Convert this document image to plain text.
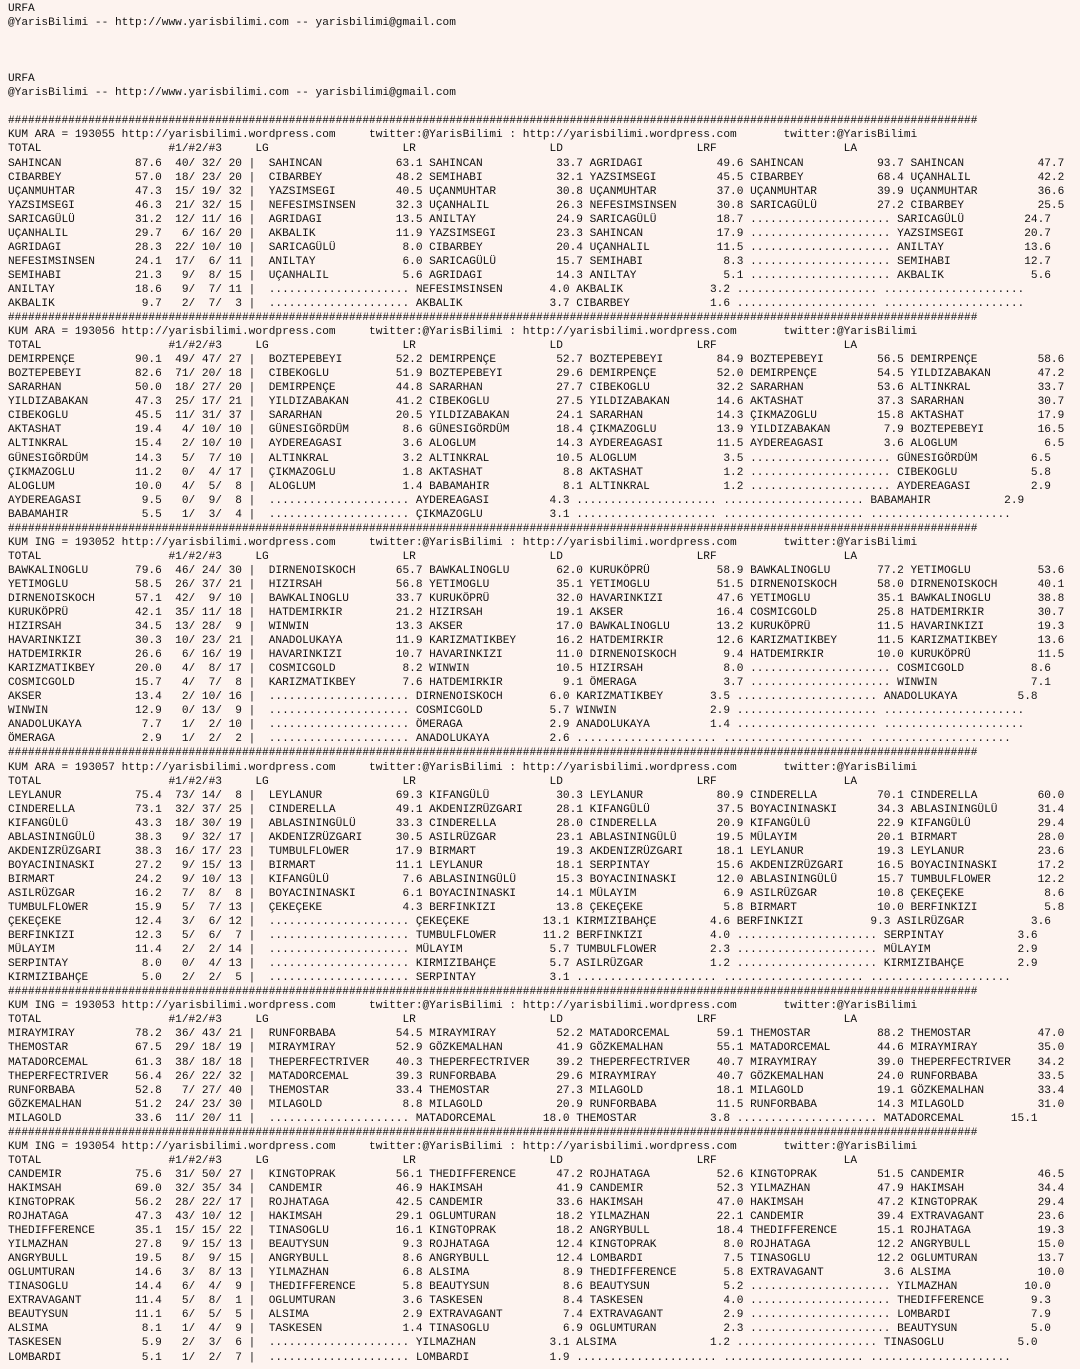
URFA
@YarisBilimi -- http://www.yarisbilimi.com -- yarisbilimi@gmail.com

URFA
@YarisBilimi -- http://www.yarisbilimi.com -- yarisbilimi@gmail.com

#################################################################################################################################################
KUM ARA = 193055 http://yarisbilimi.wordpress.com     twitter:@YarisBilimi : http://yarisbilimi.wordpress.com       twitter:@YarisBilimi
TOTAL                   #1/#2/#3     LG                    LR                    LD                    LRF                   LA
SAHINCAN           87.6  40/ 32/ 20 |  SAHINCAN           63.1 SAHINCAN           33.7 AGRIDAGI           49.6 SAHINCAN           93.7 SAHINCAN           47.7
CIBARBEY           57.0  18/ 23/ 20 |  CIBARBEY           48.2 SEMIHABI           32.1 YAZSIMSEGI         45.5 CIBARBEY           68.4 UÇANHALIL          42.2
UÇANMUHTAR         47.3  15/ 19/ 32 |  YAZSIMSEGI         40.5 UÇANMUHTAR         30.8 UÇANMUHTAR         37.0 UÇANMUHTAR         39.9 UÇANMUHTAR         36.6
YAZSIMSEGI         46.3  21/ 32/ 15 |  NEFESIMSINSEN      32.3 UÇANHALIL          26.3 NEFESIMSINSEN      30.8 SARICAGÜLÜ         27.2 CIBARBEY           25.5
SARICAGÜLÜ         31.2  12/ 11/ 16 |  AGRIDAGI           13.5 ANILTAY            24.9 SARICAGÜLÜ         18.7 ..................... SARICAGÜLÜ         24.7
UÇANHALIL          29.7   6/ 16/ 20 |  AKBALIK            11.9 YAZSIMSEGI         23.3 SAHINCAN           17.9 ..................... YAZSIMSEGI         20.7
AGRIDAGI           28.3  22/ 10/ 10 |  SARICAGÜLÜ          8.0 CIBARBEY           20.4 UÇANHALIL          11.5 ..................... ANILTAY            13.6
NEFESIMSINSEN      24.1  17/  6/ 11 |  ANILTAY             6.0 SARICAGÜLÜ         15.7 SEMIHABI            8.3 ..................... SEMIHABI           12.7
SEMIHABI           21.3   9/  8/ 15 |  UÇANHALIL           5.6 AGRIDAGI           14.3 ANILTAY             5.1 ..................... AKBALIK             5.6
ANILTAY            18.6   9/  7/ 11 |  ..................... NEFESIMSINSEN       4.0 AKBALIK             3.2 ..................... .....................
AKBALIK             9.7   2/  7/  3 |  ..................... AKBALIK             3.7 CIBARBEY            1.6 ..................... .....................
#################################################################################################################################################
KUM ARA = 193056 http://yarisbilimi.wordpress.com     twitter:@YarisBilimi : http://yarisbilimi.wordpress.com       twitter:@YarisBilimi
TOTAL                   #1/#2/#3     LG                    LR                    LD                    LRF                   LA
DEMIRPENÇE         90.1  49/ 47/ 27 |  BOZTEPEBEYI        52.2 DEMIRPENÇE         52.7 BOZTEPEBEYI        84.9 BOZTEPEBEYI        56.5 DEMIRPENÇE         58.6
BOZTEPEBEYI        82.6  71/ 20/ 18 |  CIBEKOGLU          51.9 BOZTEPEBEYI        29.6 DEMIRPENÇE         52.0 DEMIRPENÇE         54.5 YILDIZABAKAN       47.2
SARARHAN           50.0  18/ 27/ 20 |  DEMIRPENÇE         44.8 SARARHAN           27.7 CIBEKOGLU          32.2 SARARHAN           53.6 ALTINKRAL          33.7
YILDIZABAKAN       47.3  25/ 17/ 21 |  YILDIZABAKAN       41.2 CIBEKOGLU          27.5 YILDIZABAKAN       14.6 AKTASHAT           37.3 SARARHAN           30.7
CIBEKOGLU          45.5  11/ 31/ 37 |  SARARHAN           20.5 YILDIZABAKAN       24.1 SARARHAN           14.3 ÇIKMAZOGLU         15.8 AKTASHAT           17.9
AKTASHAT           19.4   4/ 10/ 10 |  GÜNESIGÖRDÜM        8.6 GÜNESIGÖRDÜM       18.4 ÇIKMAZOGLU         13.9 YILDIZABAKAN        7.9 BOZTEPEBEYI        16.5
ALTINKRAL          15.4   2/ 10/ 10 |  AYDEREAGASI         3.6 ALOGLUM            14.3 AYDEREAGASI        11.5 AYDEREAGASI         3.6 ALOGLUM             6.5
GÜNESIGÖRDÜM       14.3   5/  7/ 10 |  ALTINKRAL           3.2 ALTINKRAL          10.5 ALOGLUM             3.5 ..................... GÜNESIGÖRDÜM        6.5
ÇIKMAZOGLU         11.2   0/  4/ 17 |  ÇIKMAZOGLU          1.8 AKTASHAT            8.8 AKTASHAT            1.2 ..................... CIBEKOGLU           5.8
ALOGLUM            10.0   4/  5/  8 |  ALOGLUM             1.4 BABAMAHIR           8.1 ALTINKRAL           1.2 ..................... AYDEREAGASI         2.9
AYDEREAGASI         9.5   0/  9/  8 |  ..................... AYDEREAGASI         4.3 ..................... ..................... BABAMAHIR           2.9
BABAMAHIR           5.5   1/  3/  4 |  ..................... ÇIKMAZOGLU          3.1 ..................... ..................... .....................
#################################################################################################################################################
KUM ING = 193052 http://yarisbilimi.wordpress.com     twitter:@YarisBilimi : http://yarisbilimi.wordpress.com       twitter:@YarisBilimi
TOTAL                   #1/#2/#3     LG                    LR                    LD                    LRF                   LA
BAWKALINOGLU       79.6  46/ 24/ 30 |  DIRNENOISKOCH      65.7 BAWKALINOGLU       62.0 KURUKÖPRÜ          58.9 BAWKALINOGLU       77.2 YETIMOGLU          53.6
YETIMOGLU          58.5  26/ 37/ 21 |  HIZIRSAH           56.8 YETIMOGLU          35.1 YETIMOGLU          51.5 DIRNENOISKOCH      58.0 DIRNENOISKOCH      40.1
DIRNENOISKOCH      57.1  42/  9/ 10 |  BAWKALINOGLU       33.7 KURUKÖPRÜ          32.0 HAVARINKIZI        47.6 YETIMOGLU          35.1 BAWKALINOGLU       38.8
KURUKÖPRÜ          42.1  35/ 11/ 18 |  HATDEMIRKIR        21.2 HIZIRSAH           19.1 AKSER              16.4 COSMICGOLD         25.8 HATDEMIRKIR        30.7
HIZIRSAH           34.5  13/ 28/  9 |  WINWIN             13.3 AKSER              17.0 BAWKALINOGLU       13.2 KURUKÖPRÜ          11.5 HAVARINKIZI        19.3
HAVARINKIZI        30.3  10/ 23/ 21 |  ANADOLUKAYA        11.9 KARIZMATIKBEY      16.2 HATDEMIRKIR        12.6 KARIZMATIKBEY      11.5 KARIZMATIKBEY      13.6
HATDEMIRKIR        26.6   6/ 16/ 19 |  HAVARINKIZI        10.7 HAVARINKIZI        11.0 DIRNENOISKOCH       9.4 HATDEMIRKIR        10.0 KURUKÖPRÜ          11.5
KARIZMATIKBEY      20.0   4/  8/ 17 |  COSMICGOLD          8.2 WINWIN             10.5 HIZIRSAH            8.0 ..................... COSMICGOLD          8.6
COSMICGOLD         15.7   4/  7/  8 |  KARIZMATIKBEY       7.6 HATDEMIRKIR         9.1 ÖMERAGA             3.7 ..................... WINWIN              7.1
AKSER              13.4   2/ 10/ 16 |  ..................... DIRNENOISKOCH       6.0 KARIZMATIKBEY       3.5 ..................... ANADOLUKAYA         5.8
WINWIN             12.9   0/ 13/  9 |  ..................... COSMICGOLD          5.7 WINWIN              2.9 ..................... .....................
ANADOLUKAYA         7.7   1/  2/ 10 |  ..................... ÖMERAGA             2.9 ANADOLUKAYA         1.4 ..................... .....................
ÖMERAGA             2.9   1/  2/  2 |  ..................... ANADOLUKAYA         2.6 ..................... ..................... .....................
#################################################################################################################################################
KUM ARA = 193057 http://yarisbilimi.wordpress.com     twitter:@YarisBilimi : http://yarisbilimi.wordpress.com       twitter:@YarisBilimi
TOTAL                   #1/#2/#3     LG                    LR                    LD                    LRF                   LA
LEYLANUR           75.4  73/ 14/  8 |  LEYLANUR           69.3 KIFANGÜLÜ          30.3 LEYLANUR           80.9 CINDERELLA         70.1 CINDERELLA         60.0
CINDERELLA         73.1  32/ 37/ 25 |  CINDERELLA         49.1 AKDENIZRÜZGARI     28.1 KIFANGÜLÜ          37.5 BOYACININASKI      34.3 ABLASININGÜLÜ      31.4
KIFANGÜLÜ          43.3  18/ 30/ 19 |  ABLASININGÜLÜ      33.3 CINDERELLA         28.0 CINDERELLA         20.9 KIFANGÜLÜ          22.9 KIFANGÜLÜ          29.4
ABLASININGÜLÜ      38.3   9/ 32/ 17 |  AKDENIZRÜZGARI     30.5 ASILRÜZGAR         23.1 ABLASININGÜLÜ      19.5 MÜLAYIM            20.1 BIRMART            28.0
AKDENIZRÜZGARI     38.3  16/ 17/ 23 |  TUMBULFLOWER       17.9 BIRMART            19.3 AKDENIZRÜZGARI     18.1 LEYLANUR           19.3 LEYLANUR           23.6
BOYACININASKI      27.2   9/ 15/ 13 |  BIRMART            11.1 LEYLANUR           18.1 SERPINTAY          15.6 AKDENIZRÜZGARI     16.5 BOYACININASKI      17.2
BIRMART            24.2   9/ 10/ 13 |  KIFANGÜLÜ           7.6 ABLASININGÜLÜ      15.3 BOYACININASKI      12.0 ABLASININGÜLÜ      15.7 TUMBULFLOWER       12.2
ASILRÜZGAR         16.2   7/  8/  8 |  BOYACININASKI       6.1 BOYACININASKI      14.1 MÜLAYIM             6.9 ASILRÜZGAR         10.8 ÇEKEÇEKE            8.6
TUMBULFLOWER       15.9   5/  7/ 13 |  ÇEKEÇEKE            4.3 BERFINKIZI         13.8 ÇEKEÇEKE            5.8 BIRMART            10.0 BERFINKIZI          5.8
ÇEKEÇEKE           12.4   3/  6/ 12 |  ..................... ÇEKEÇEKE           13.1 KIRMIZIBAHÇE        4.6 BERFINKIZI          9.3 ASILRÜZGAR          3.6
BERFINKIZI         12.3   5/  6/  7 |  ..................... TUMBULFLOWER       11.2 BERFINKIZI          4.0 ..................... SERPINTAY           3.6
MÜLAYIM            11.4   2/  2/ 14 |  ..................... MÜLAYIM             5.7 TUMBULFLOWER        2.3 ..................... MÜLAYIM             2.9
SERPINTAY           8.0   0/  4/ 13 |  ..................... KIRMIZIBAHÇE        5.7 ASILRÜZGAR          1.2 ..................... KIRMIZIBAHÇE        2.9
KIRMIZIBAHÇE        5.0   2/  2/  5 |  ..................... SERPINTAY           3.1 ..................... ..................... .....................
#################################################################################################################################################
KUM ING = 193053 http://yarisbilimi.wordpress.com     twitter:@YarisBilimi : http://yarisbilimi.wordpress.com       twitter:@YarisBilimi
TOTAL                   #1/#2/#3     LG                    LR                    LD                    LRF                   LA
MIRAYMIRAY         78.2  36/ 43/ 21 |  RUNFORBABA         54.5 MIRAYMIRAY         52.2 MATADORCEMAL       59.1 THEMOSTAR          88.2 THEMOSTAR          47.0
THEMOSTAR          67.5  29/ 18/ 19 |  MIRAYMIRAY         52.9 GÖZKEMALHAN        41.9 GÖZKEMALHAN        55.1 MATADORCEMAL       44.6 MIRAYMIRAY         35.0
MATADORCEMAL       61.3  38/ 18/ 18 |  THEPERFECTRIVER    40.3 THEPERFECTRIVER    39.2 THEPERFECTRIVER    40.7 MIRAYMIRAY         39.0 THEPERFECTRIVER    34.2
THEPERFECTRIVER    56.4  26/ 22/ 32 |  MATADORCEMAL       39.3 RUNFORBABA         29.6 MIRAYMIRAY         40.7 GÖZKEMALHAN        24.0 RUNFORBABA         33.5
RUNFORBABA         52.8   7/ 27/ 40 |  THEMOSTAR          33.4 THEMOSTAR          27.3 MILAGOLD           18.1 MILAGOLD           19.1 GÖZKEMALHAN        33.4
GÖZKEMALHAN        51.2  24/ 23/ 30 |  MILAGOLD            8.8 MILAGOLD           20.9 RUNFORBABA         11.5 RUNFORBABA         14.3 MILAGOLD           31.0
MILAGOLD           33.6  11/ 20/ 11 |  ..................... MATADORCEMAL       18.0 THEMOSTAR           3.8 ..................... MATADORCEMAL       15.1
#################################################################################################################################################
KUM ING = 193054 http://yarisbilimi.wordpress.com     twitter:@YarisBilimi : http://yarisbilimi.wordpress.com       twitter:@YarisBilimi
TOTAL                   #1/#2/#3     LG                    LR                    LD                    LRF                   LA
CANDEMIR           75.6  31/ 50/ 27 |  KINGTOPRAK         56.1 THEDIFFERENCE      47.2 ROJHATAGA          52.6 KINGTOPRAK         51.5 CANDEMIR           46.5
HAKIMSAH           69.0  32/ 35/ 34 |  CANDEMIR           46.9 HAKIMSAH           41.9 CANDEMIR           52.3 YILMAZHAN          47.9 HAKIMSAH           34.4
KINGTOPRAK         56.2  28/ 22/ 17 |  ROJHATAGA          42.5 CANDEMIR           33.6 HAKIMSAH           47.0 HAKIMSAH           47.2 KINGTOPRAK         29.4
ROJHATAGA          47.3  43/ 10/ 12 |  HAKIMSAH           29.1 OGLUMTURAN         18.2 YILMAZHAN          22.1 CANDEMIR           39.4 EXTRAVAGANT        23.6
THEDIFFERENCE      35.1  15/ 15/ 22 |  TINASOGLU          16.1 KINGTOPRAK         18.2 ANGRYBULL          18.4 THEDIFFERENCE      15.1 ROJHATAGA          19.3
YILMAZHAN          27.8   9/ 15/ 13 |  BEAUTYSUN           9.3 ROJHATAGA          12.4 KINGTOPRAK          8.0 ROJHATAGA          12.2 ANGRYBULL          15.0
ANGRYBULL          19.5   8/  9/ 15 |  ANGRYBULL           8.6 ANGRYBULL          12.4 LOMBARDI            7.5 TINASOGLU          12.2 OGLUMTURAN         13.7
OGLUMTURAN         14.6   3/  8/ 13 |  YILMAZHAN           6.8 ALSIMA              8.9 THEDIFFERENCE       5.8 EXTRAVAGANT         3.6 ALSIMA             10.0
TINASOGLU          14.4   6/  4/  9 |  THEDIFFERENCE       5.8 BEAUTYSUN           8.6 BEAUTYSUN           5.2 ..................... YILMAZHAN          10.0
EXTRAVAGANT        11.4   5/  8/  1 |  OGLUMTURAN          3.6 TASKESEN            8.4 TASKESEN            4.0 ..................... THEDIFFERENCE       9.3
BEAUTYSUN          11.1   6/  5/  5 |  ALSIMA              2.9 EXTRAVAGANT         7.4 EXTRAVAGANT         2.9 ..................... LOMBARDI            7.9
ALSIMA              8.1   1/  4/  9 |  TASKESEN            1.4 TINASOGLU           6.9 OGLUMTURAN          2.3 ..................... BEAUTYSUN           5.0
TASKESEN            5.9   2/  3/  6 |  ..................... YILMAZHAN           3.1 ALSIMA              1.2 ..................... TINASOGLU           5.0
LOMBARDI            5.1   1/  2/  7 |  ..................... LOMBARDI            1.9 ..................... ..................... .....................
